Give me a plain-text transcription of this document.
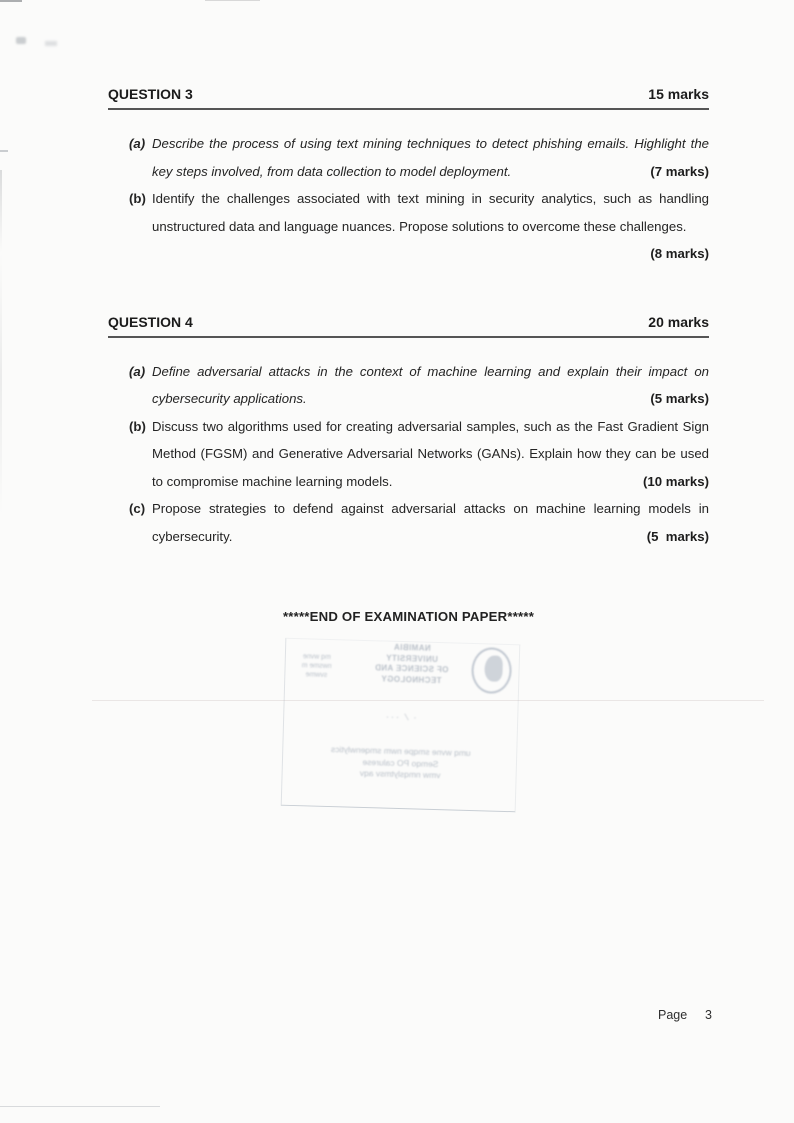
QUESTION 3	15 marks
(a) Describe the process of using text mining techniques to detect phishing emails. Highlight the key steps involved, from data collection to model deployment.	(7 marks)
(b) Identify the challenges associated with text mining in security analytics, such as handling unstructured data and language nuances. Propose solutions to overcome these challenges.
(8 marks)
QUESTION 4	20 marks
(a) Define adversarial attacks in the context of machine learning and explain their impact on cybersecurity applications.	(5 marks)
(b) Discuss two algorithms used for creating adversarial samples, such as the Fast Gradient Sign Method (FGSM) and Generative Adversarial Networks (GANs). Explain how they can be used to compromise machine learning models.	(10 marks)
(c) Propose strategies to defend against adversarial attacks on machine learning models in cybersecurity.	(5  marks)
*****END OF EXAMINATION PAPER*****
NAMIBIA
UNIVERSITY
OF SCIENCE AND
TECHNOLOGY
mq wvne
nwsme m
svwme
· ⁄ ···
umq wvne smqpe nwm smqenwlytics
Semqo PO calurese
vmw nmqslytmsv aqv
Page 3
